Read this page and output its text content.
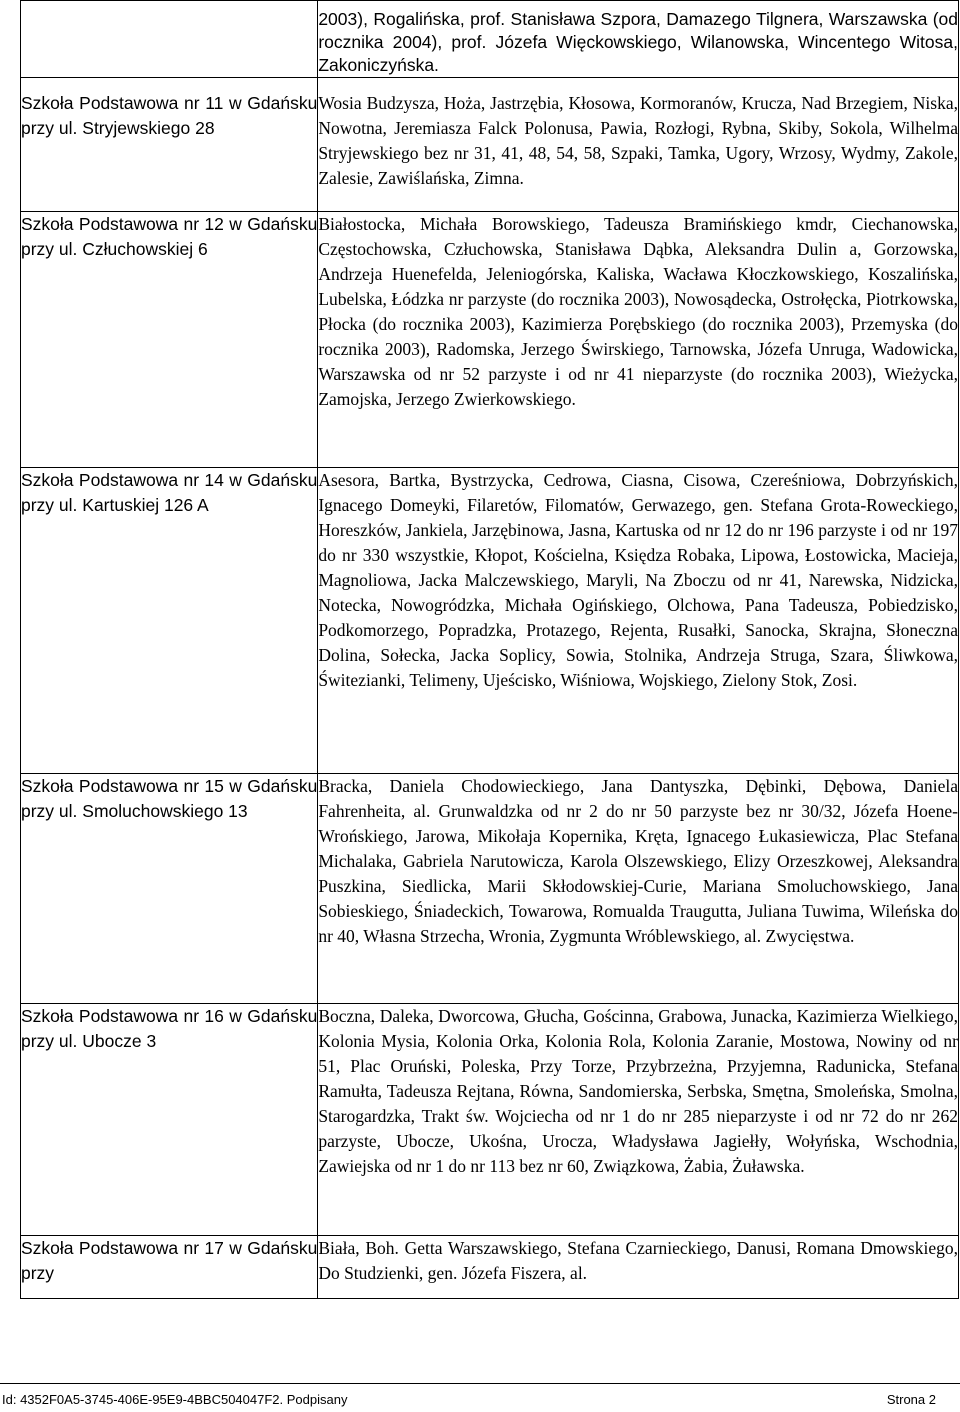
	2003), Rogalińska, prof. Stanisława Szpora, Damazego Tilgnera, Warszawska (od rocznika 2004), prof. Józefa Więckowskiego, Wilanowska, Wincentego Witosa, Zakoniczyńska.
Szkoła Podstawowa nr 11 w Gdańsku przy ul. Stryjewskiego 28	Wosia Budzysza, Hoża, Jastrzębia, Kłosowa, Kormoranów, Krucza, Nad Brzegiem, Niska, Nowotna, Jeremiasza Falck Polonusa, Pawia, Rozłogi, Rybna, Skiby, Sokola, Wilhelma Stryjewskiego bez nr 31, 41, 48, 54, 58, Szpaki, Tamka, Ugory, Wrzosy, Wydmy, Zakole, Zalesie, Zawiślańska, Zimna.
Szkoła Podstawowa nr 12 w Gdańsku przy ul. Człuchowskiej 6	Białostocka, Michała Borowskiego, Tadeusza Bramińskiego kmdr, Ciechanowska, Częstochowska, Człuchowska, Stanisława Dąbka, Aleksandra Dulin a, Gorzowska, Andrzeja Huenefelda, Jeleniogórska, Kaliska, Wacława Kłoczkowskiego, Koszalińska, Lubelska, Łódzka nr parzyste (do rocznika 2003), Nowosądecka, Ostrołęcka, Piotrkowska, Płocka (do rocznika 2003), Kazimierza Porębskiego (do rocznika 2003), Przemyska (do rocznika 2003), Radomska, Jerzego Świrskiego, Tarnowska, Józefa Unruga, Wadowicka, Warszawska od nr 52 parzyste i od nr 41 nieparzyste (do rocznika 2003), Wieżycka, Zamojska, Jerzego Zwierkowskiego.
Szkoła Podstawowa nr 14 w Gdańsku przy ul. Kartuskiej 126 A	Asesora, Bartka, Bystrzycka, Cedrowa, Ciasna, Cisowa, Czereśniowa, Dobrzyńskich, Ignacego Domeyki, Filaretów, Filomatów, Gerwazego, gen. Stefana Grota-Roweckiego, Horeszków, Jankiela, Jarzębinowa, Jasna, Kartuska od nr 12 do nr 196 parzyste i od nr 197 do nr 330 wszystkie, Kłopot, Kościelna, Księdza Robaka, Lipowa, Łostowicka, Macieja, Magnoliowa, Jacka Malczewskiego, Maryli, Na Zboczu od nr 41, Narewska, Nidzicka, Notecka, Nowogródzka, Michała Ogińskiego, Olchowa, Pana Tadeusza, Pobiedzisko, Podkomorzego, Popradzka, Protazego, Rejenta, Rusałki, Sanocka, Skrajna, Słoneczna Dolina, Sołecka, Jacka Soplicy, Sowia, Stolnika, Andrzeja Struga, Szara, Śliwkowa, Świtezianki, Telimeny, Ujeścisko, Wiśniowa, Wojskiego, Zielony Stok, Zosi.
Szkoła Podstawowa nr 15 w Gdańsku przy ul. Smoluchowskiego 13	Bracka, Daniela Chodowieckiego, Jana Dantyszka, Dębinki, Dębowa, Daniela Fahrenheita, al. Grunwaldzka od nr 2 do nr 50 parzyste bez nr 30/32, Józefa Hoene-Wrońskiego, Jarowa, Mikołaja Kopernika, Kręta, Ignacego Łukasiewicza, Plac Stefana Michalaka, Gabriela Narutowicza, Karola Olszewskiego, Elizy Orzeszkowej, Aleksandra Puszkina, Siedlicka, Marii Skłodowskiej-Curie, Mariana Smoluchowskiego, Jana Sobieskiego, Śniadeckich, Towarowa, Romualda Traugutta, Juliana Tuwima, Wileńska do nr 40, Własna Strzecha, Wronia, Zygmunta Wróblewskiego, al. Zwycięstwa.
Szkoła Podstawowa nr 16 w Gdańsku przy ul. Ubocze 3	Boczna, Daleka, Dworcowa, Głucha, Gościnna, Grabowa, Junacka, Kazimierza Wielkiego, Kolonia Mysia, Kolonia Orka, Kolonia Rola, Kolonia Zaranie, Mostowa, Nowiny od nr 51, Plac Oruński, Poleska, Przy Torze, Przybrzeżna, Przyjemna, Radunicka, Stefana Ramułta, Tadeusza Rejtana, Równa, Sandomierska, Serbska, Smętna, Smoleńska, Smolna, Starogardzka, Trakt św. Wojciecha od nr 1 do nr 285 nieparzyste i od nr 72 do nr 262 parzyste, Ubocze, Ukośna, Urocza, Władysława Jagiełły, Wołyńska, Wschodnia, Zawiejska od nr 1 do nr 113 bez nr 60, Związkowa, Żabia, Żuławska.
Szkoła Podstawowa nr 17 w Gdańsku przy	Biała, Boh. Getta Warszawskiego, Stefana Czarnieckiego, Danusi, Romana Dmowskiego, Do Studzienki, gen. Józefa Fiszera, al.
Id: 4352F0A5-3745-406E-95E9-4BBC504047F2. Podpisany	Strona 2
